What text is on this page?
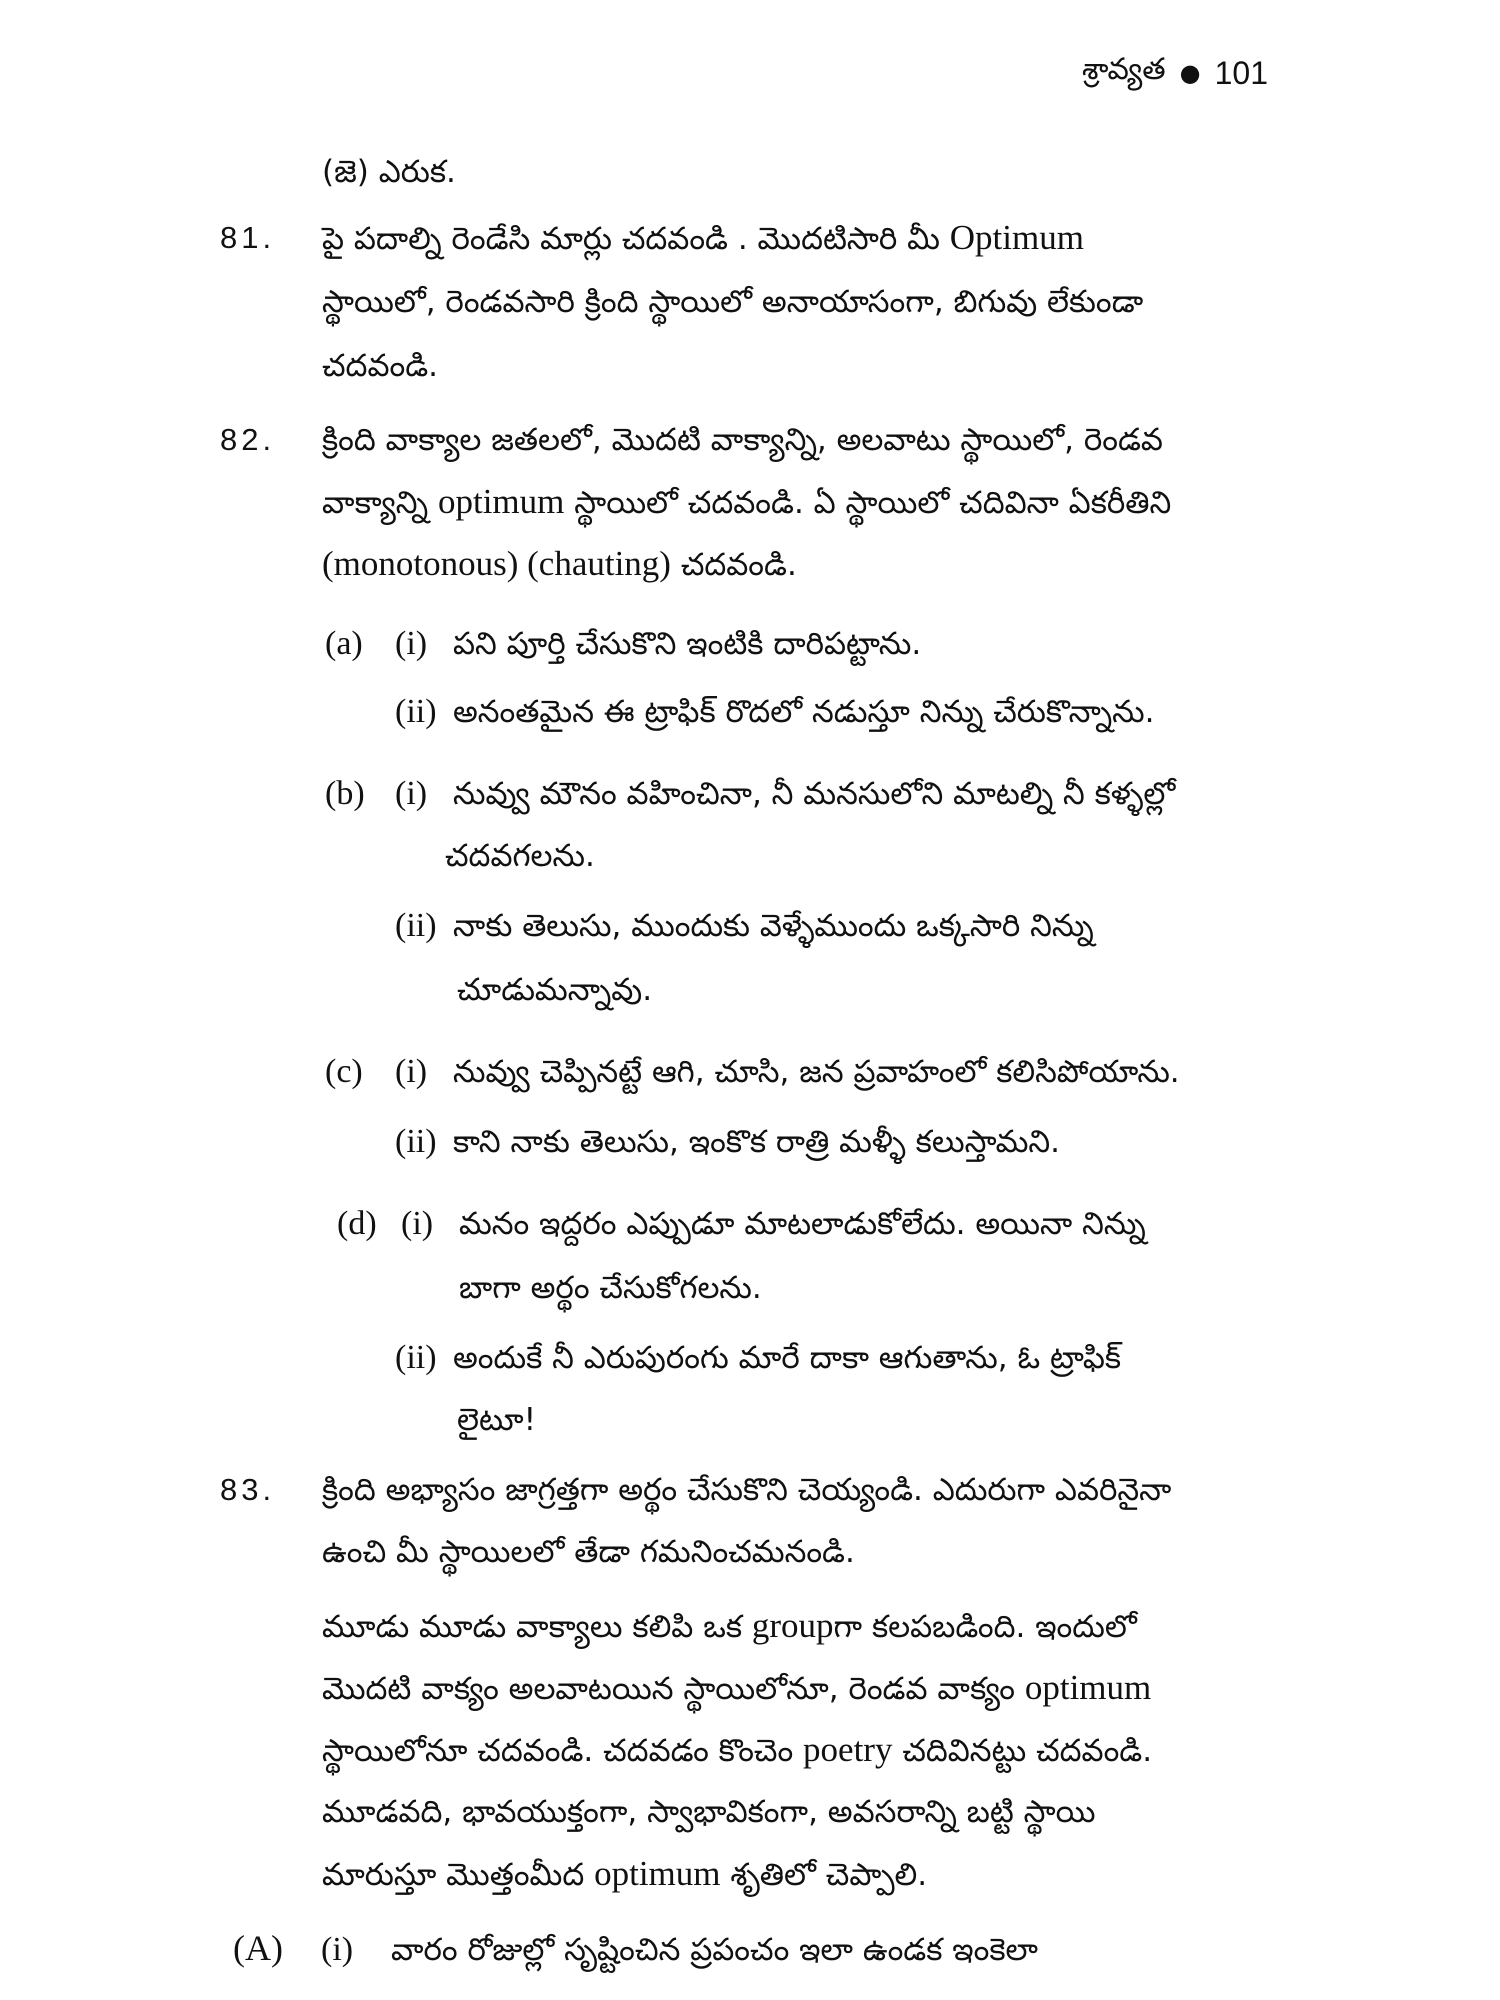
శ్రావ్యత ● 101
(జె) ఎరుక.
81. పై పదాల్ని రెండేసి మార్లు చదవండి . మొదటిసారి మీ Optimum
స్థాయిలో, రెండవసారి క్రింది స్థాయిలో అనాయాసంగా, బిగువు లేకుండా
చదవండి.
82. క్రింది వాక్యాల జతలలో, మొదటి వాక్యాన్ని, అలవాటు స్థాయిలో, రెండవ
వాక్యాన్ని optimum స్థాయిలో చదవండి. ఏ స్థాయిలో చదివినా ఏకరీతిని
(monotonous) (chauting) చదవండి.
(a) (i) పని పూర్తి చేసుకొని ఇంటికి దారిపట్టాను.
(ii) అనంతమైన ఈ ట్రాఫిక్ రొదలో నడుస్తూ నిన్ను చేరుకొన్నాను.
(b) (i) నువ్వు మౌనం వహించినా, నీ మనసులోని మాటల్ని నీ కళ్ళల్లో
చదవగలను.
(ii) నాకు తెలుసు, ముందుకు వెళ్ళేముందు ఒక్కసారి నిన్ను
చూడుమన్నావు.
(c) (i) నువ్వు చెప్పినట్టే ఆగి, చూసి, జన ప్రవాహంలో కలిసిపోయాను.
(ii) కాని నాకు తెలుసు, ఇంకొక రాత్రి మళ్ళీ కలుస్తామని.
(d) (i) మనం ఇద్దరం ఎప్పుడూ మాటలాడుకోలేదు. అయినా నిన్ను
బాగా అర్థం చేసుకోగలను.
(ii) అందుకే నీ ఎరుపురంగు మారే దాకా ఆగుతాను, ఓ ట్రాఫిక్
లైటూ!
83. క్రింది అభ్యాసం జాగ్రత్తగా అర్థం చేసుకొని చెయ్యండి. ఎదురుగా ఎవరినైనా
ఉంచి మీ స్థాయిలలో తేడా గమనించమనండి.
మూడు మూడు వాక్యాలు కలిపి ఒక groupగా కలపబడింది. ఇందులో
మొదటి వాక్యం అలవాటయిన స్థాయిలోనూ, రెండవ వాక్యం optimum
స్థాయిలోనూ చదవండి. చదవడం కొంచెం poetry చదివినట్టు చదవండి.
మూడవది, భావయుక్తంగా, స్వాభావికంగా, అవసరాన్ని బట్టి స్థాయి
మారుస్తూ మొత్తంమీద optimum శృతిలో చెప్పాలి.
(A) (i) వారం రోజుల్లో సృష్టించిన ప్రపంచం ఇలా ఉండక ఇంకెలా
